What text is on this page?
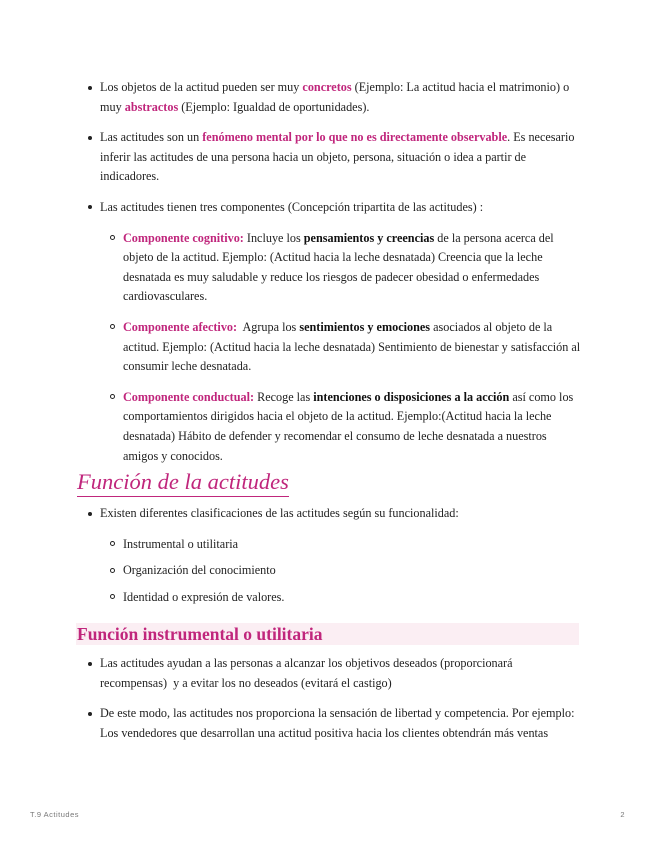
Los objetos de la actitud pueden ser muy concretos (Ejemplo: La actitud hacia el matrimonio) o muy abstractos (Ejemplo: Igualdad de oportunidades).
Las actitudes son un fenómeno mental por lo que no es directamente observable. Es necesario inferir las actitudes de una persona hacia un objeto, persona, situación o idea a partir de indicadores.
Las actitudes tienen tres componentes (Concepción tripartita de las actitudes) :
Componente cognitivo: Incluye los pensamientos y creencias de la persona acerca del objeto de la actitud. Ejemplo: (Actitud hacia la leche desnatada) Creencia que la leche desnatada es muy saludable y reduce los riesgos de padecer obesidad o enfermedades cardiovasculares.
Componente afectivo:  Agrupa los sentimientos y emociones asociados al objeto de la actitud. Ejemplo: (Actitud hacia la leche desnatada) Sentimiento de bienestar y satisfacción al consumir leche desnatada.
Componente conductual: Recoge las intenciones o disposiciones a la acción así como los comportamientos dirigidos hacia el objeto de la actitud. Ejemplo:(Actitud hacia la leche desnatada) Hábito de defender y recomendar el consumo de leche desnatada a nuestros amigos y conocidos.
Función de la actitudes
Existen diferentes clasificaciones de las actitudes según su funcionalidad:
Instrumental o utilitaria
Organización del conocimiento
Identidad o expresión de valores.
Función instrumental o utilitaria
Las actitudes ayudan a las personas a alcanzar los objetivos deseados (proporcionará recompensas)  y a evitar los no deseados (evitará el castigo)
De este modo, las actitudes nos proporciona la sensación de libertad y competencia. Por ejemplo: Los vendedores que desarrollan una actitud positiva hacia los clientes obtendrán más ventas
T.9 Actitudes	2
